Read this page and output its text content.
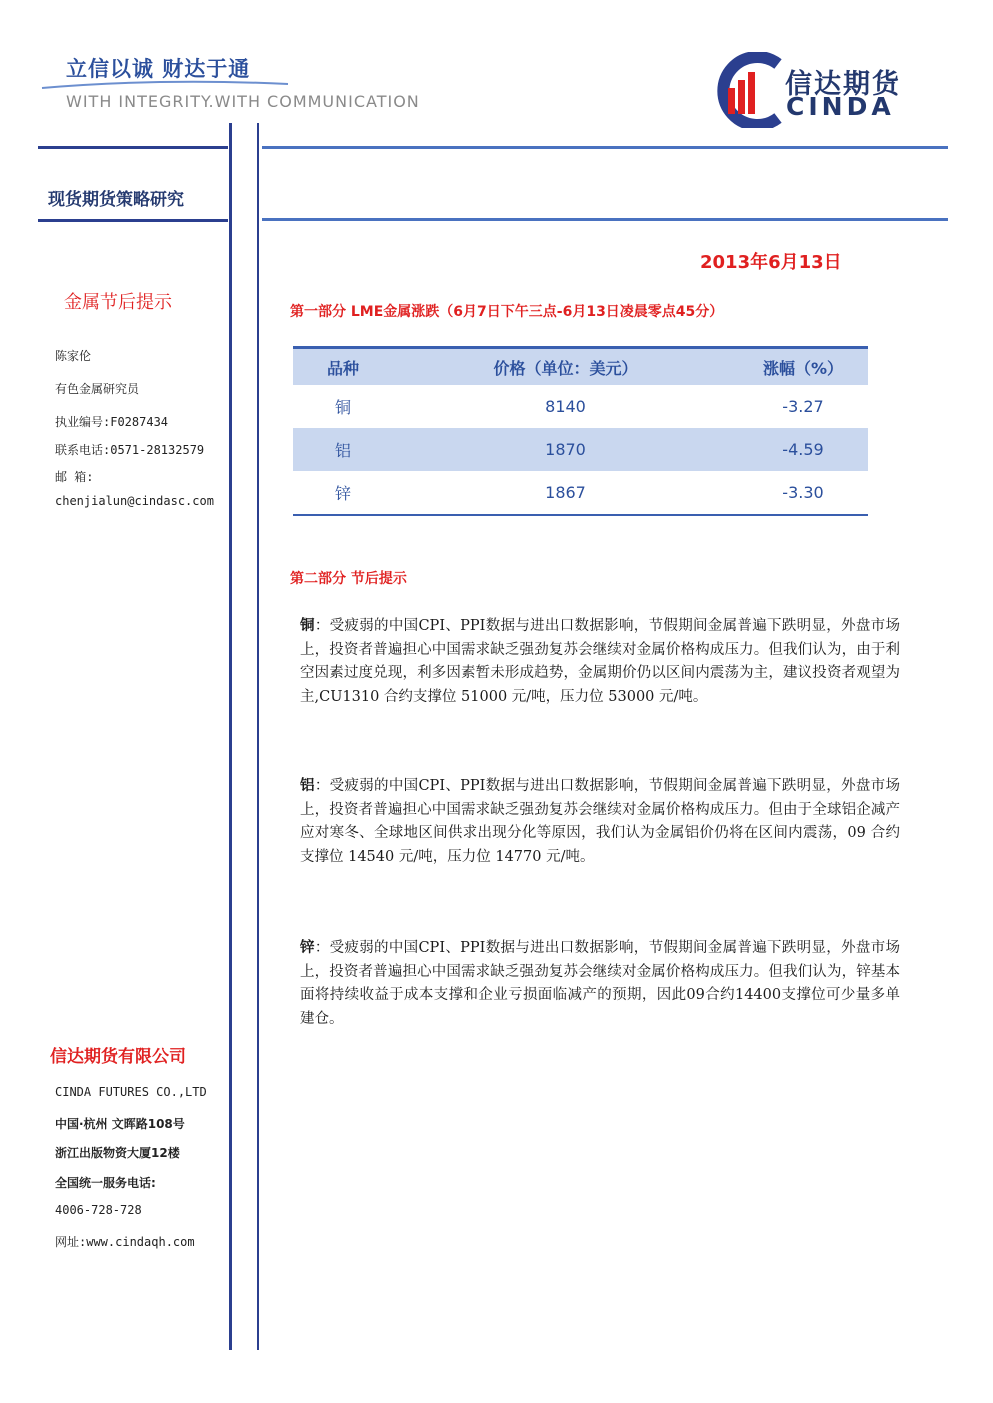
立信以诚 财达于通
WITH INTEGRITY.WITH COMMUNICATION
信达期货
CINDA
现货期货策略研究
金属节后提示
陈家伦
有色金属研究员
执业编号:F0287434
联系电话:0571-28132579
邮 箱:
chenjialun@cindasc.com
信达期货有限公司
CINDA FUTURES CO.,LTD
中国·杭州 文晖路108号
浙江出版物资大厦12楼
全国统一服务电话:
4006-728-728
网址:www.cindaqh.com
2013年6月13日
第一部分 LME金属涨跌（6月7日下午三点-6月13日凌晨零点45分）
品种	价格（单位：美元）	涨幅（%）
铜	8140	-3.27
铝	1870	-4.59
锌	1867	-3.30
第二部分 节后提示
铜：受疲弱的中国CPI、PPI数据与进出口数据影响，节假期间金属普遍下跌明显，外盘市场上，投资者普遍担心中国需求缺乏强劲复苏会继续对金属价格构成压力。但我们认为，由于利空因素过度兑现，利多因素暂未形成趋势，金属期价仍以区间内震荡为主，建议投资者观望为主,CU1310 合约支撑位 51000 元/吨，压力位 53000 元/吨。
铝：受疲弱的中国CPI、PPI数据与进出口数据影响，节假期间金属普遍下跌明显，外盘市场上，投资者普遍担心中国需求缺乏强劲复苏会继续对金属价格构成压力。但由于全球铝企减产应对寒冬、全球地区间供求出现分化等原因，我们认为金属铝价仍将在区间内震荡，09 合约支撑位 14540 元/吨，压力位 14770 元/吨。
锌：受疲弱的中国CPI、PPI数据与进出口数据影响，节假期间金属普遍下跌明显，外盘市场上，投资者普遍担心中国需求缺乏强劲复苏会继续对金属价格构成压力。但我们认为，锌基本面将持续收益于成本支撑和企业亏损面临减产的预期，因此09合约14400支撑位可少量多单建仓。
